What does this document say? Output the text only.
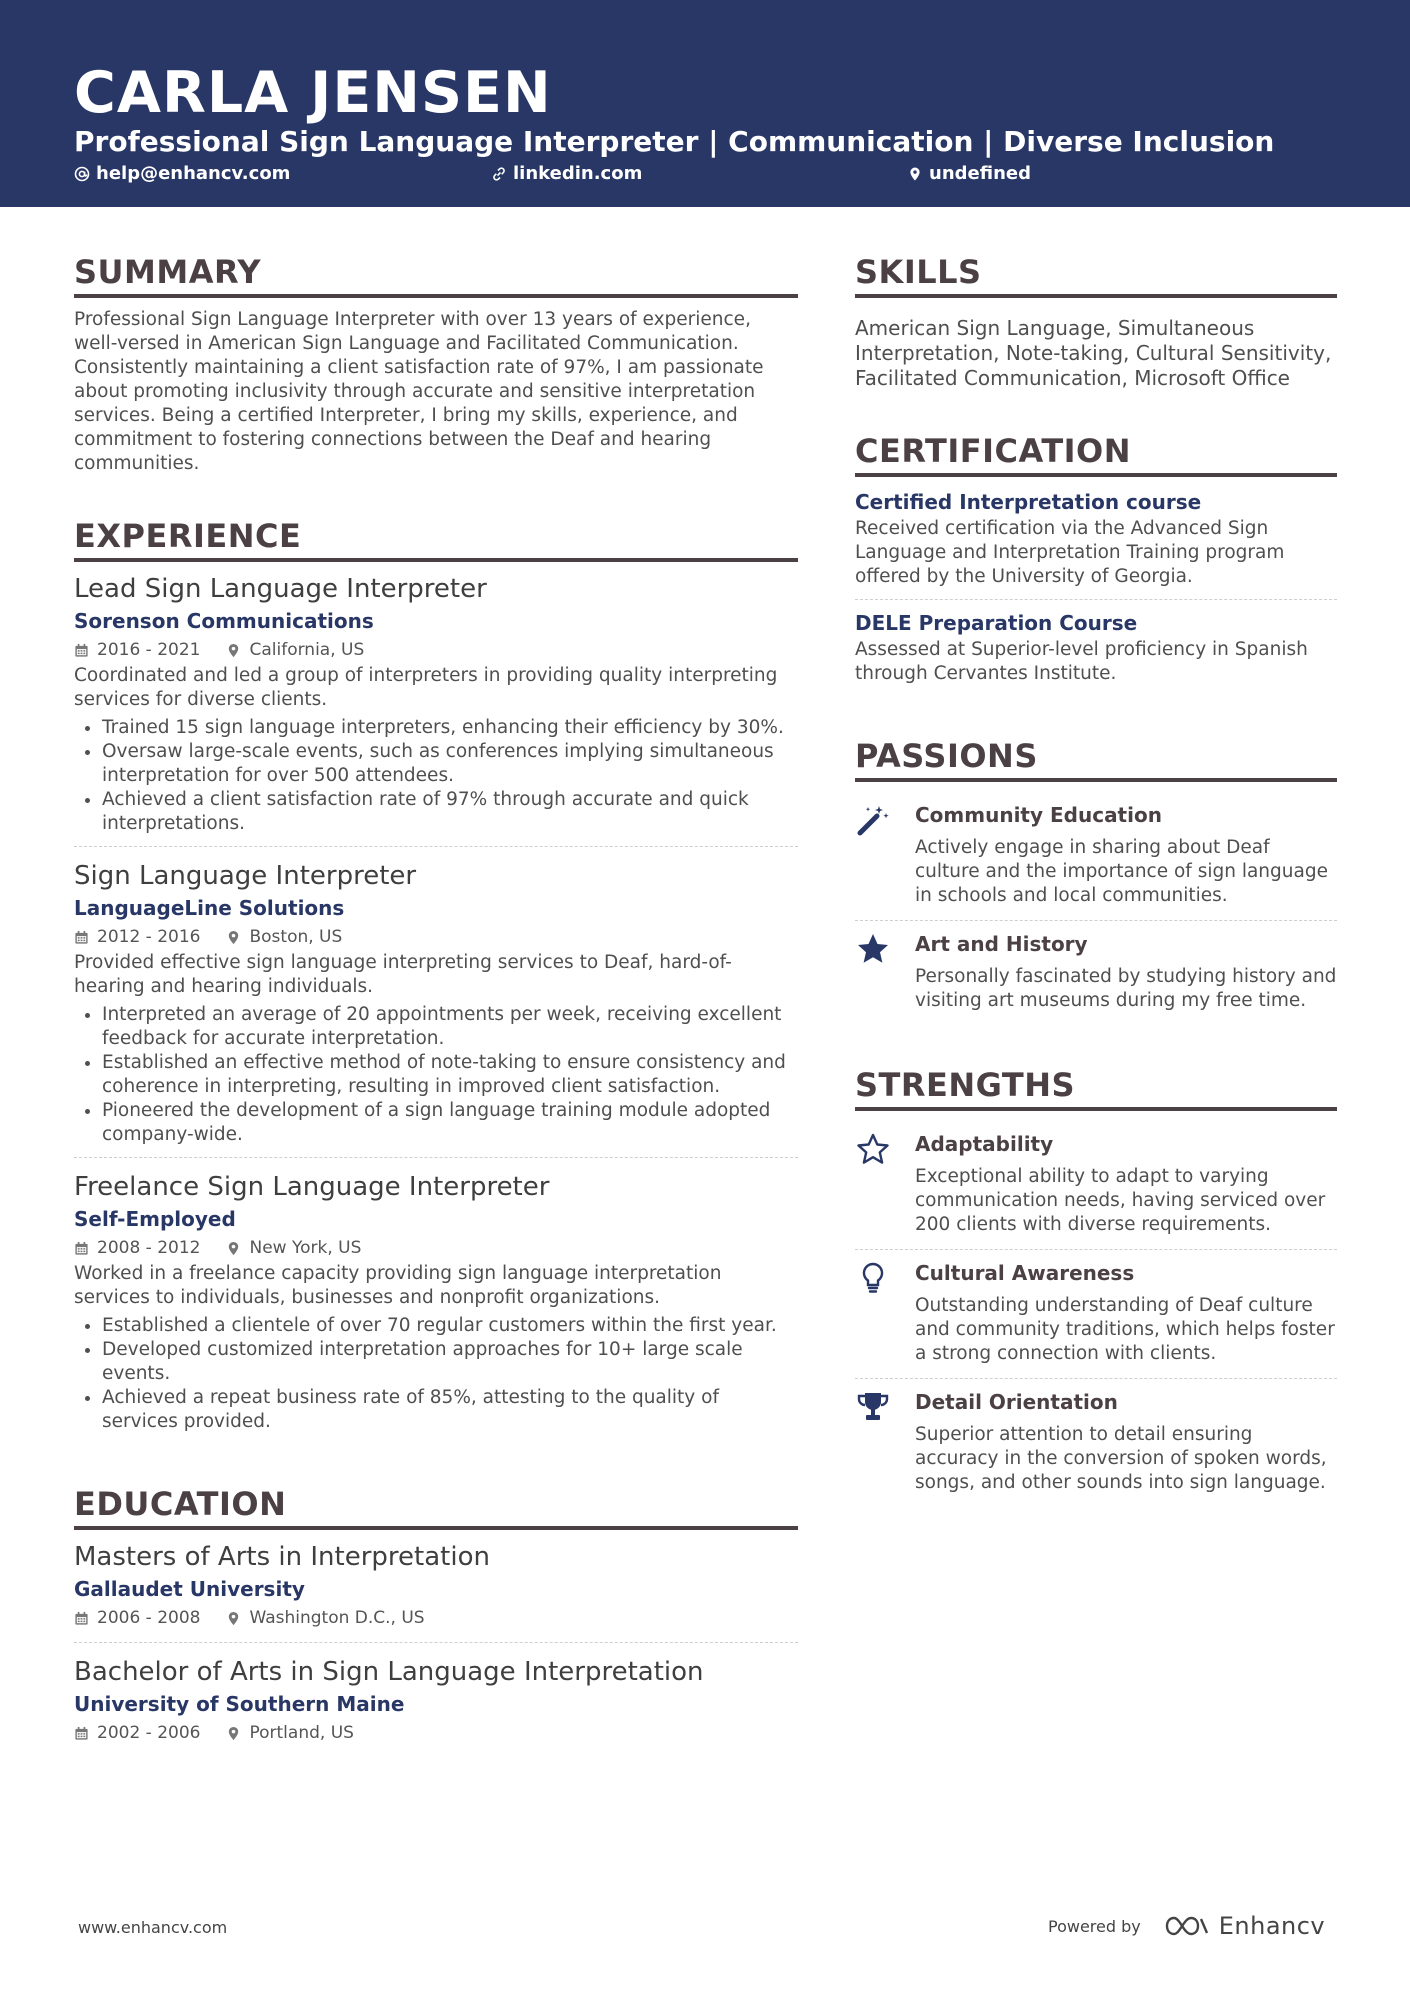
CARLA JENSEN
Professional Sign Language Interpreter | Communication | Diverse Inclusion
help@enhancv.com	linkedin.com	undefined
SUMMARY

Professional Sign Language Interpreter with over 13 years of experience, well-versed in American Sign Language and Facilitated Communication. Consistently maintaining a client satisfaction rate of 97%, I am passionate about promoting inclusivity through accurate and sensitive interpretation services. Being a certified Interpreter, I bring my skills, experience, and commitment to fostering connections between the Deaf and hearing communities.

EXPERIENCE
Lead Sign Language Interpreter
Sorenson Communications
2016 - 2021	California, US

Coordinated and led a group of interpreters in providing quality interpreting services for diverse clients.

• Trained 15 sign language interpreters, enhancing their efficiency by 30%.
• Oversaw large-scale events, such as conferences implying simultaneous interpretation for over 500 attendees.
• Achieved a client satisfaction rate of 97% through accurate and quick interpretations.
Sign Language Interpreter
LanguageLine Solutions
2012 - 2016	Boston, US

Provided effective sign language interpreting services to Deaf, hard-of-hearing and hearing individuals.

• Interpreted an average of 20 appointments per week, receiving excellent feedback for accurate interpretation.
• Established an effective method of note-taking to ensure consistency and coherence in interpreting, resulting in improved client satisfaction.
• Pioneered the development of a sign language training module adopted company-wide.
Freelance Sign Language Interpreter
Self-Employed
2008 - 2012	New York, US

Worked in a freelance capacity providing sign language interpretation services to individuals, businesses and nonprofit organizations.

• Established a clientele of over 70 regular customers within the first year.
• Developed customized interpretation approaches for 10+ large scale events.
• Achieved a repeat business rate of 85%, attesting to the quality of services provided.
EDUCATION
Masters of Arts in Interpretation
Gallaudet University
2006 - 2008	Washington D.C., US
Bachelor of Arts in Sign Language Interpretation
University of Southern Maine
2002 - 2006	Portland, US
SKILLS

American Sign Language, Simultaneous Interpretation, Note-taking, Cultural Sensitivity, Facilitated Communication, Microsoft Office

CERTIFICATION
Certified Interpretation course

Received certification via the Advanced Sign Language and Interpretation Training program offered by the University of Georgia.

DELE Preparation Course

Assessed at Superior-level proficiency in Spanish through Cervantes Institute.

PASSIONS
Community Education

Actively engage in sharing about Deaf culture and the importance of sign language in schools and local communities.

Art and History

Personally fascinated by studying history and visiting art museums during my free time.

STRENGTHS
Adaptability

Exceptional ability to adapt to varying communication needs, having serviced over 200 clients with diverse requirements.

Cultural Awareness

Outstanding understanding of Deaf culture and community traditions, which helps foster a strong connection with clients.

Detail Orientation

Superior attention to detail ensuring accuracy in the conversion of spoken words, songs, and other sounds into sign language.

www.enhancv.com	Powered by	Enhancv
